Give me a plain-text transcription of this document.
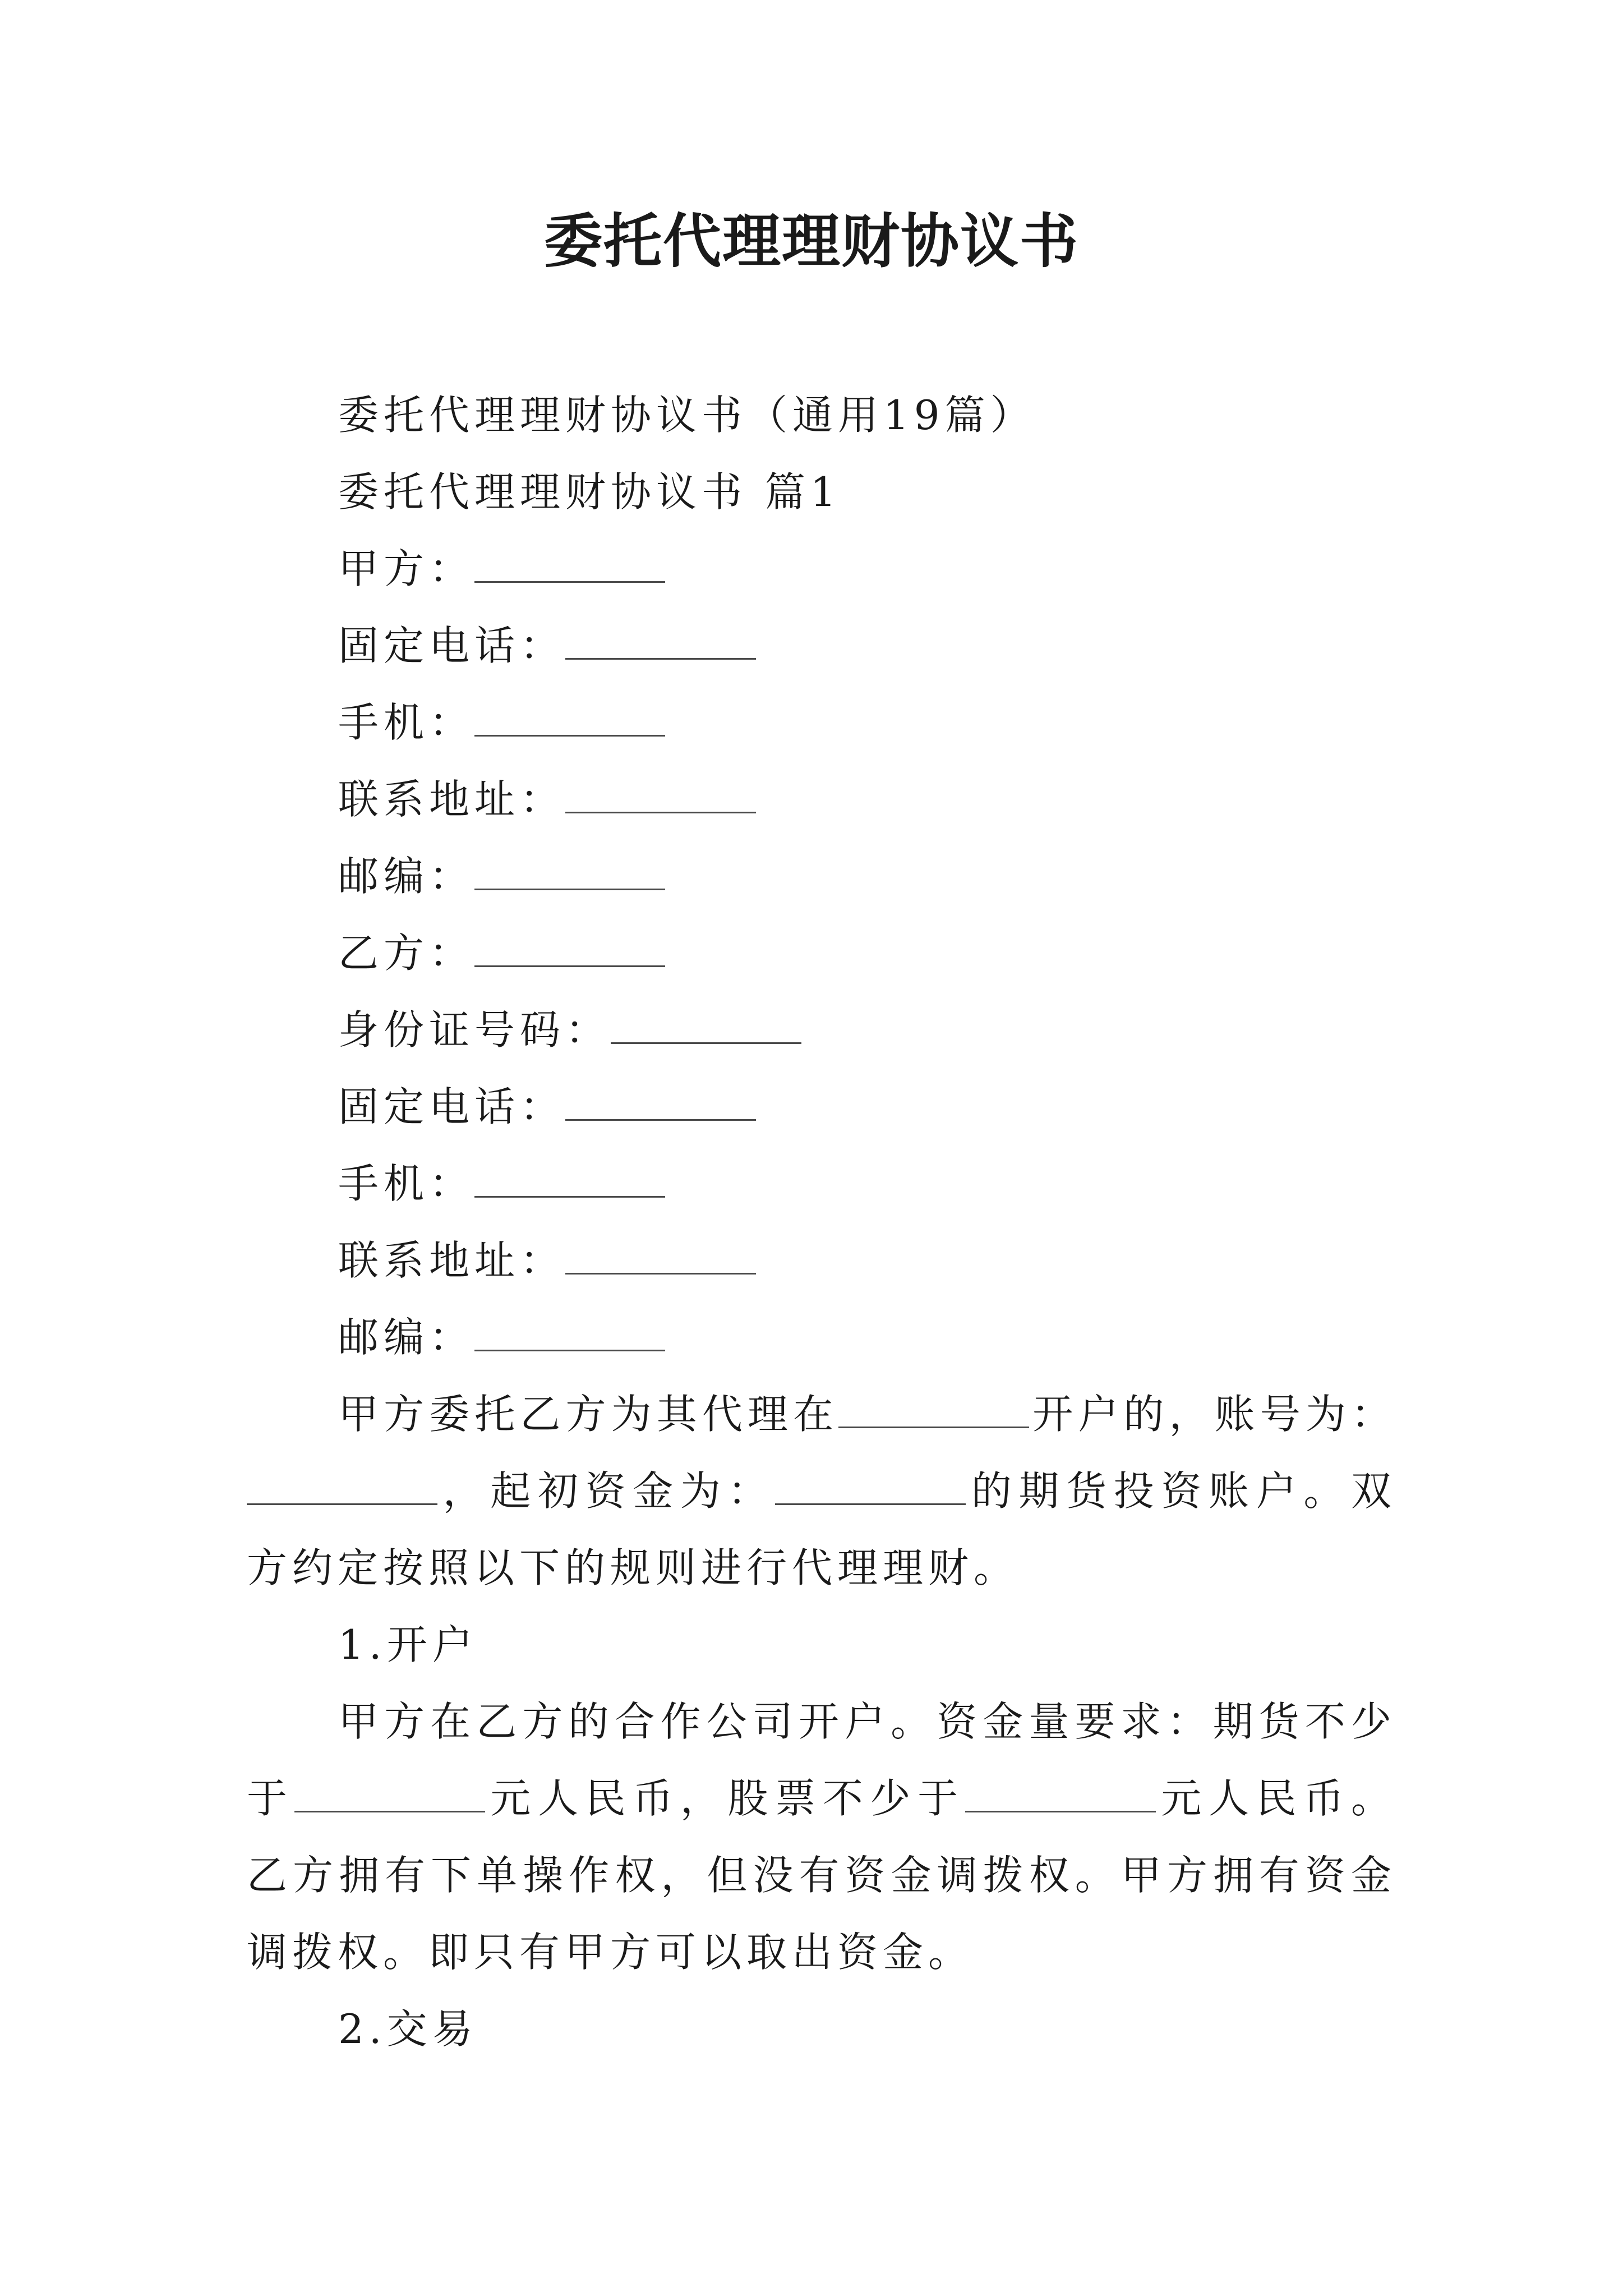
委托代理理财协议书
委托代理理财协议书（通用19篇）
委托代理理财协议书 篇1
甲方：
固定电话：
手机：
联系地址：
邮编：
乙方：
身份证号码：
固定电话：
手机：
联系地址：
邮编：
甲方委托乙方为其代理在	开户的，账号为：，起初资金为：	的期货投资账户。双方约定按照以下的规则进行代理理财。
1.开户
甲方在乙方的合作公司开户。资金量要求：期货不少于	元人民币，股票不少于	元人民币。乙方拥有下单操作权，但没有资金调拨权。甲方拥有资金调拨权。即只有甲方可以取出资金。
2.交易
